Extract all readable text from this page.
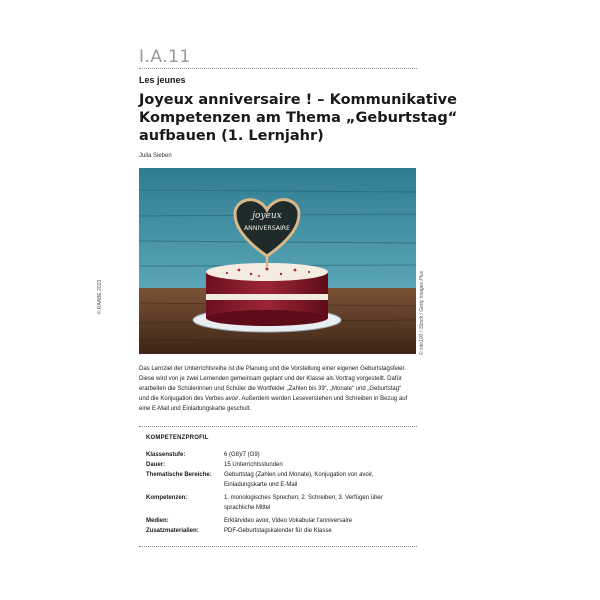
I.A.11
Les jeunes
Joyeux anniversaire ! – Kommunikative
Kompetenzen am Thema „Geburtstag“
aufbauen (1. Lernjahr)
Julia Sieben
© RAABE 2023	© nito100 / iStock / Getty Images Plus
joyeux
ANNIVERSAIRE
Das Lernziel der Unterrichtsreihe ist die Planung und die Vorstellung einer eigenen Geburtstagsfeier.
Diese wird von je zwei Lernenden gemeinsam geplant und der Klasse als Vortrag vorgestellt. Dafür
erarbeiten die Schülerinnen und Schüler die Wortfelder „Zahlen bis 39“, „Monate“ und „Geburtstag“
und die Konjugation des Verbes avoir. Außerdem werden Leseverstehen und Schreiben in Bezug auf
eine E-Mail und Einladungskarte geschult.
KOMPETENZPROFIL
Klassenstufe:	6 (G8)/7 (G9)
Dauer:	15 Unterrichtsstunden
Thematische Bereiche: Geburtstag (Zahlen und Monate), Konjugation von avoir,
Einladungskarte und E-Mail
Kompetenzen:	1. monologisches Sprechen; 2. Schreiben; 3. Verfügen über
sprachliche Mittel
Medien:	Erklärvideo avoir, Video Vokabular l'anniversaire
Zusatzmaterialien:	PDF-Geburtstagskalender für die Klasse
